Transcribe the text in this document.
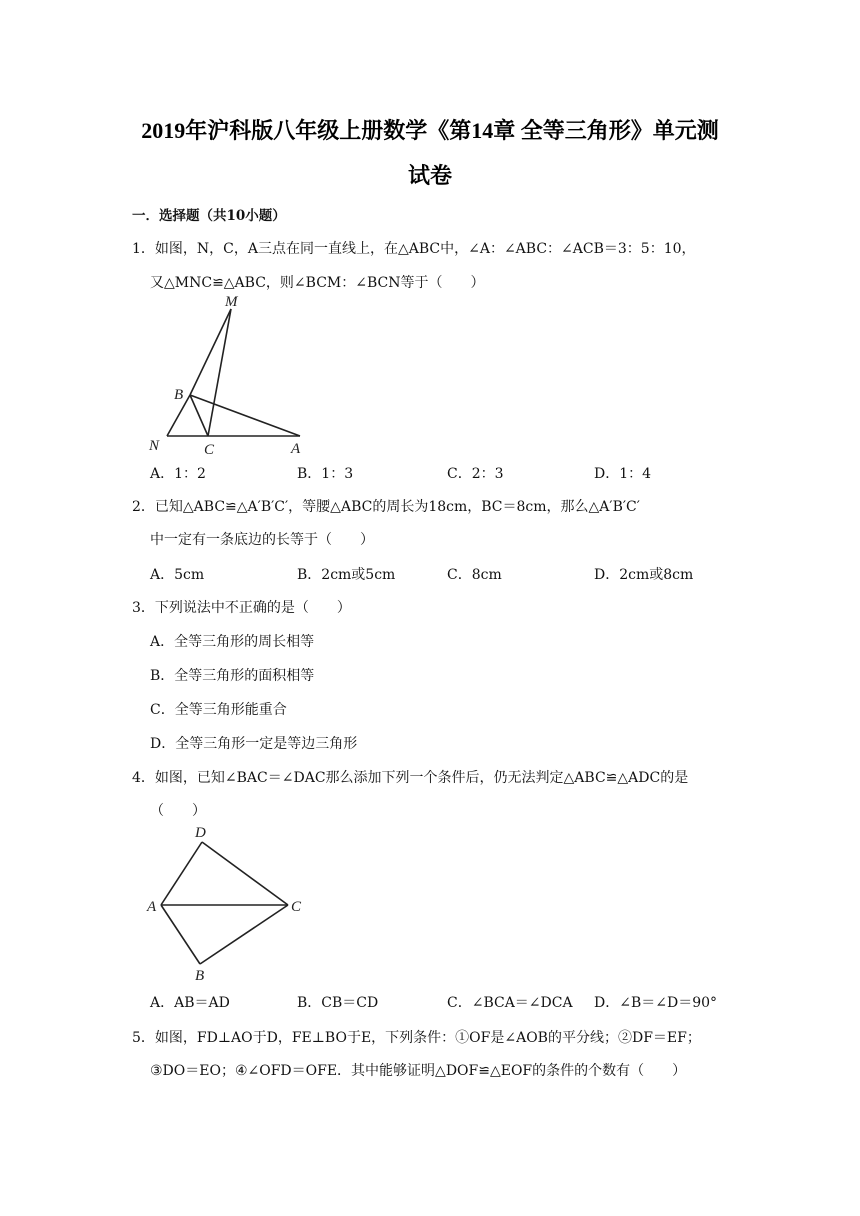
2019年沪科版八年级上册数学《第14章 全等三角形》单元测
试卷
一．选择题（共10小题）
1．如图，N，C，A三点在同一直线上，在△ABC中，∠A：∠ABC：∠ACB＝3：5：10，
又△MNC≌△ABC，则∠BCM：∠BCN等于（　　）
M
B
N	C	A
A．1：2	B．1：3	C．2：3	D．1：4
2．已知△ABC≌△A′B′C′，等腰△ABC的周长为18cm，BC＝8cm，那么△A′B′C′
中一定有一条底边的长等于（　　）
A．5cm	B．2cm或5cm	C．8cm	D．2cm或8cm
3．下列说法中不正确的是（　　）
A．全等三角形的周长相等
B．全等三角形的面积相等
C．全等三角形能重合
D．全等三角形一定是等边三角形
4．如图，已知∠BAC＝∠DAC那么添加下列一个条件后，仍无法判定△ABC≌△ADC的是
（　　）
D
A	C
B
A．AB＝AD	B．CB＝CD	C．∠BCA＝∠DCA D．∠B＝∠D＝90°
5．如图，FD⊥AO于D，FE⊥BO于E，下列条件：①OF是∠AOB的平分线；②DF＝EF；
③DO＝EO；④∠OFD＝OFE．其中能够证明△DOF≌△EOF的条件的个数有（　　）
